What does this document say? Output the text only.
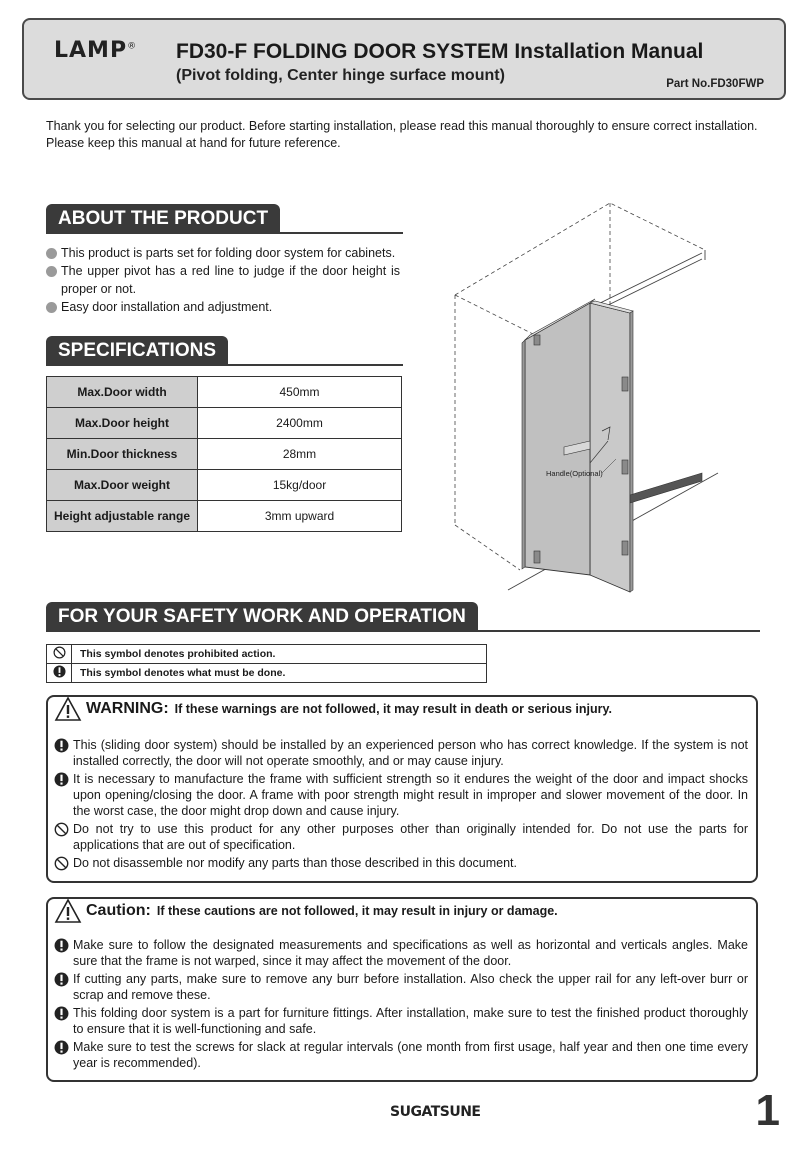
LAMP® FD30-F FOLDING DOOR SYSTEM Installation Manual
(Pivot folding, Center hinge surface mount)	Part No.FD30FWP
Thank you for selecting our product. Before starting installation, please read this manual thoroughly to ensure correct installation. Please keep this manual at hand for future reference.
ABOUT THE PRODUCT
This product is parts set for folding door system for cabinets.
The upper pivot has a red line to judge if the door height is proper or not.
Easy door installation and adjustment.
SPECIFICATIONS
Max.Door width	450mm
Max.Door height	2400mm
Min.Door thickness	28mm
Max.Door weight	15kg/door
Height adjustable range	3mm upward
Handle(Optional)
FOR YOUR SAFETY WORK AND OPERATION
	This symbol denotes prohibited action.
	This symbol denotes what must be done.
WARNING: If these warnings are not followed, it may result in death or serious injury.
This (sliding door system) should be installed by an experienced person who has correct knowledge. If the system is not installed correctly, the door will not operate smoothly, and or may cause injury.
It is necessary to manufacture the frame with sufficient strength so it endures the weight of the door and impact shocks upon opening/closing the door. A frame with poor strength might result in improper and slower movement of the door. In the worst case, the door might drop down and cause injury.
Do not try to use this product for any other purposes other than originally intended for. Do not use the parts for applications that are out of specification.
Do not disassemble nor modify any parts than those described in this document.
Caution: If these cautions are not followed, it may result in injury or damage.
Make sure to follow the designated measurements and specifications as well as horizontal and verticals angles. Make sure that the frame is not warped, since it may affect the movement of the door.
If cutting any parts, make sure to remove any burr before installation. Also check the upper rail for any left-over burr or scrap and remove these.
This folding door system is a part for furniture fittings. After installation, make sure to test the finished product thoroughly to ensure that it is well-functioning and safe.
Make sure to test the screws for slack at regular intervals (one month from first usage, half year and then one time every year is recommended).
SUGATSUNE	1
